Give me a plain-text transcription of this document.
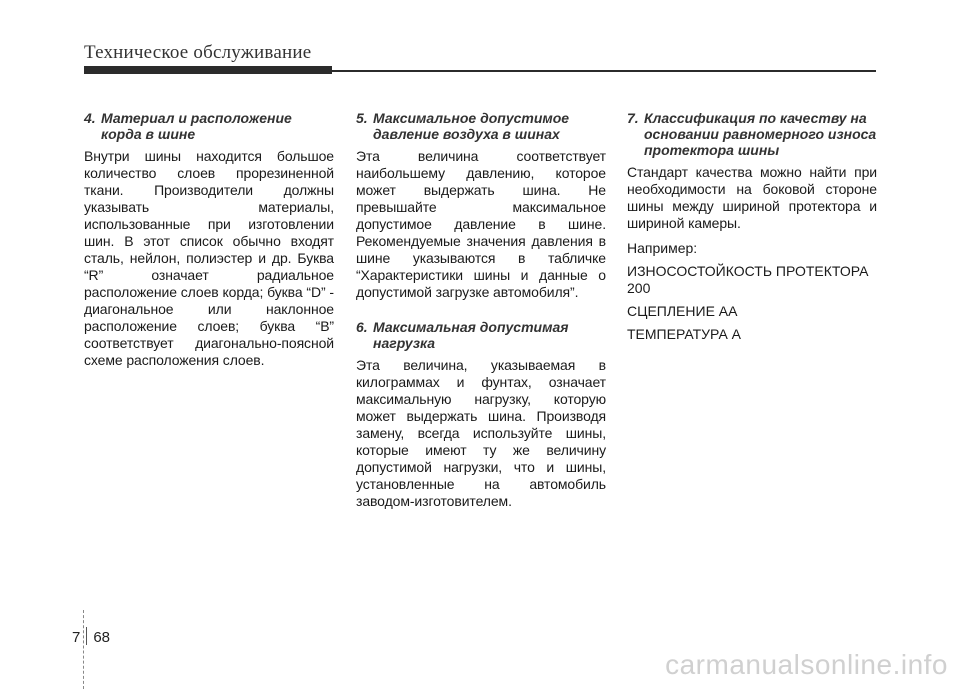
Техническое обслуживание
4. Материал и расположение корда в шине

Внутри шины находится большое количество слоев прорезиненной ткани. Производители должны указывать материалы, использованные при изготовлении шин. В этот список обычно входят сталь, нейлон, полиэстер и др. Буква “R” означает радиальное расположение слоев корда; буква “D” - диагональное или наклонное расположение слоев; буква “B” соответствует диагонально-поясной схеме расположения слоев.

5. Максимальное допустимое давление воздуха в шинах

Эта величина соответствует наибольшему давлению, которое может выдержать шина. Не превышайте максимальное допустимое давление в шине. Рекомендуемые значения давления в шине указываются в табличке “Характеристики шины и данные о допустимой загрузке автомобиля”.

6. Максимальная допустимая нагрузка

Эта величина, указываемая в килограммах и фунтах, означает максимальную нагрузку, которую может выдержать шина. Производя замену, всегда используйте шины, которые имеют ту же величину допустимой нагрузки, что и шины, установленные на автомобиль заводом-изготовителем.

7. Классификация по качеству на основании равномерного износа протектора шины

Стандарт качества можно найти при необходимости на боковой стороне шины между шириной протектора и шириной камеры.

Например:

ИЗНОСОСТОЙКОСТЬ ПРОТЕКТОРА 200

СЦЕПЛЕНИЕ AA

ТЕМПЕРАТУРА A

7 68
carmanualsonline.info
